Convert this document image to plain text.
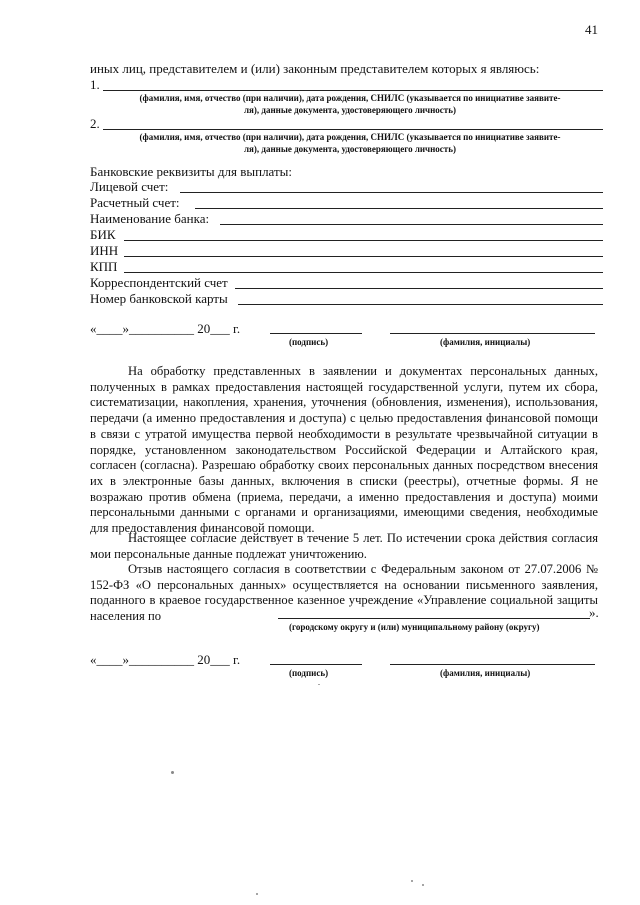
41
иных лиц, представителем и (или) законным представителем которых я являюсь:
1.
(фамилия, имя, отчество (при наличии), дата рождения, СНИЛС (указывается по инициативе заявите-
ля), данные документа, удостоверяющего личность)
2.
(фамилия, имя, отчество (при наличии), дата рождения, СНИЛС (указывается по инициативе заявите-
ля), данные документа, удостоверяющего личность)
Банковские реквизиты для выплаты:
Лицевой счет:
Расчетный счет:
Наименование банка:
БИК
ИНН
КПП
Корреспондентский счет
Номер банковской карты
«____»__________ 20___ г.
(подпись)	(фамилия, инициалы)

На обработку представленных в заявлении и документах персональных данных, полученных в рамках предоставления настоящей государственной услуги, путем их сбора, систематизации, накопления, хранения, уточнения (обновления, изменения), использования, передачи (а именно предоставления и доступа) с целью предоставления финансовой помощи в связи с утратой имущества первой необходимости в результате чрезвычайной ситуации в порядке, установленном законодательством Российской Федерации и Алтайского края, согласен (согласна). Разрешаю обработку своих персональных данных посредством внесения их в электронные базы данных, включения в списки (реестры), отчетные формы. Я не возражаю против обмена (приема, передачи, а именно предоставления и доступа) моими персональными данными с органами и организациями, имеющими сведения, необходимые для предоставления финансовой помощи.

Настоящее согласие действует в течение 5 лет. По истечении срока действия согласия мои персональные данные подлежат уничтожению.

Отзыв настоящего согласия в соответствии с Федеральным законом от 27.07.2006 № 152-ФЗ «О персональных данных» осуществляется на основании письменного заявления, поданного в краевое государственное казенное учреждение «Управление социальной защиты населения по	».
(городскому округу и (или) муниципальному району (округу)
«____»__________ 20___ г.
(подпись)	(фамилия, инициалы)
